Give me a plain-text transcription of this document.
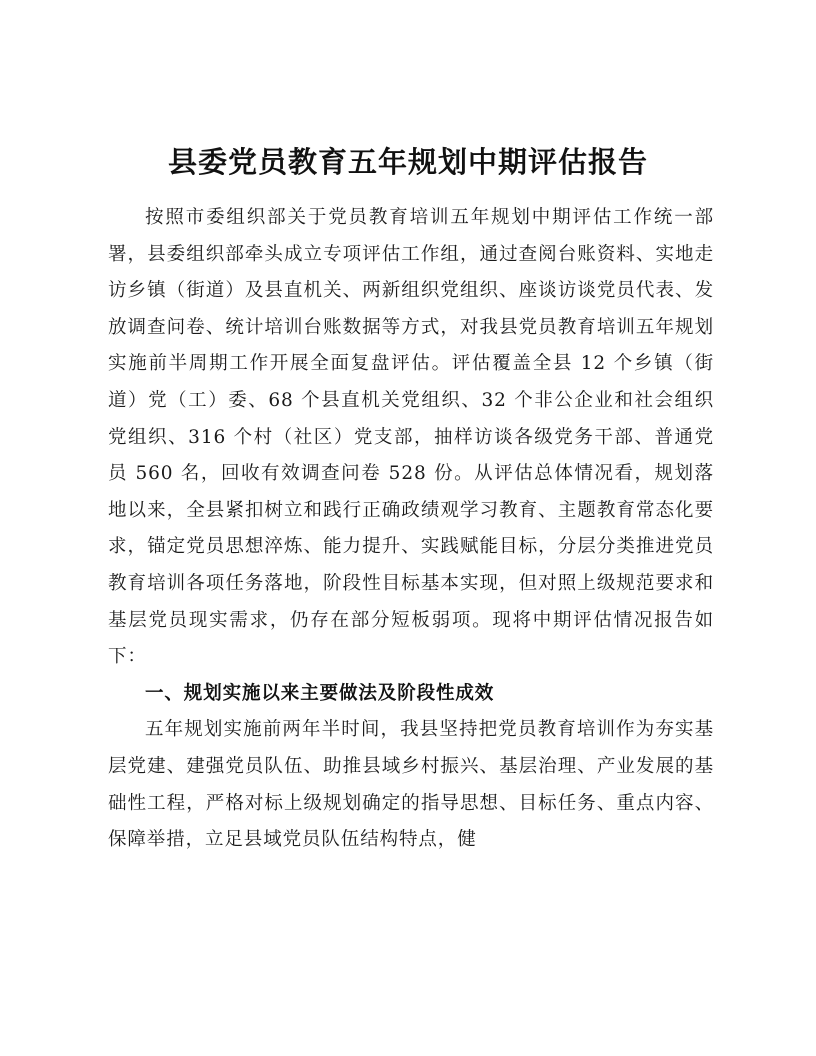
县委党员教育五年规划中期评估报告

按照市委组织部关于党员教育培训五年规划中期评估工作统一部署，县委组织部牵头成立专项评估工作组，通过查阅台账资料、实地走访乡镇（街道）及县直机关、两新组织党组织、座谈访谈党员代表、发放调查问卷、统计培训台账数据等方式，对我县党员教育培训五年规划实施前半周期工作开展全面复盘评估。评估覆盖全县 12 个乡镇（街道）党（工）委、68 个县直机关党组织、32 个非公企业和社会组织党组织、316 个村（社区）党支部，抽样访谈各级党务干部、普通党员 560 名，回收有效调查问卷 528 份。从评估总体情况看，规划落地以来，全县紧扣树立和践行正确政绩观学习教育、主题教育常态化要求，锚定党员思想淬炼、能力提升、实践赋能目标，分层分类推进党员教育培训各项任务落地，阶段性目标基本实现，但对照上级规范要求和基层党员现实需求，仍存在部分短板弱项。现将中期评估情况报告如下：

一、规划实施以来主要做法及阶段性成效

五年规划实施前两年半时间，我县坚持把党员教育培训作为夯实基层党建、建强党员队伍、助推县域乡村振兴、基层治理、产业发展的基础性工程，严格对标上级规划确定的指导思想、目标任务、重点内容、保障举措，立足县域党员队伍结构特点，健
